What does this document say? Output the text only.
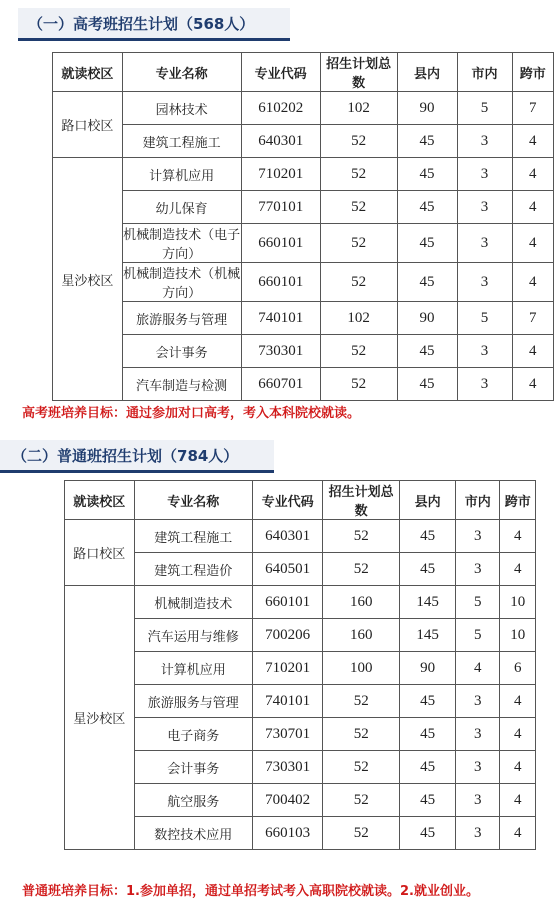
（一）高考班招生计划（568人）
就读校区	专业名称	专业代码	招生计划总数	县内	市内	跨市
路口校区	园林技术	610202	102	90	5	7
	建筑工程施工	640301	52	45	3	4
星沙校区	计算机应用	710201	52	45	3	4
	幼儿保育	770101	52	45	3	4
	机械制造技术（电子方向）	660101	52	45	3	4
	机械制造技术（机械方向）	660101	52	45	3	4
	旅游服务与管理	740101	102	90	5	7
	会计事务	730301	52	45	3	4
	汽车制造与检测	660701	52	45	3	4
高考班培养目标：通过参加对口高考，考入本科院校就读。
（二）普通班招生计划（784人）
就读校区	专业名称	专业代码	招生计划总数	县内	市内	跨市
路口校区	建筑工程施工	640301	52	45	3	4
	建筑工程造价	640501	52	45	3	4
星沙校区	机械制造技术	660101	160	145	5	10
	汽车运用与维修	700206	160	145	5	10
	计算机应用	710201	100	90	4	6
	旅游服务与管理	740101	52	45	3	4
	电子商务	730701	52	45	3	4
	会计事务	730301	52	45	3	4
	航空服务	700402	52	45	3	4
	数控技术应用	660103	52	45	3	4
普通班培养目标：1.参加单招，通过单招考试考入高职院校就读。2.就业创业。
